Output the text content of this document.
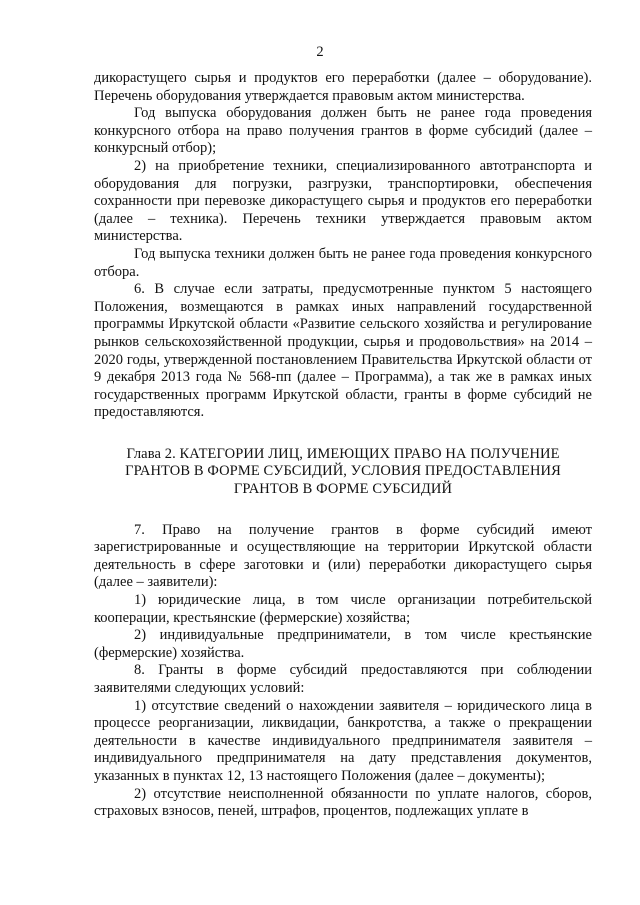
2

дикорастущего сырья и продуктов его переработки (далее – оборудование). Перечень оборудования утверждается правовым актом министерства.

Год выпуска оборудования должен быть не ранее года проведения конкурсного отбора на право получения грантов в форме субсидий (далее – конкурсный отбор);

2) на приобретение техники, специализированного автотранспорта и оборудования для погрузки, разгрузки, транспортировки, обеспечения сохранности при перевозке дикорастущего сырья и продуктов его переработки (далее – техника). Перечень техники утверждается правовым актом министерства.

Год выпуска техники должен быть не ранее года проведения конкурсного отбора.

6. В случае если затраты, предусмотренные пунктом 5 настоящего Положения, возмещаются в рамках иных направлений государственной программы Иркутской области «Развитие сельского хозяйства и регулирование рынков сельскохозяйственной продукции, сырья и продовольствия» на 2014 – 2020 годы, утвержденной постановлением Правительства Иркутской области от 9 декабря 2013 года № 568-пп (далее – Программа), а так же в рамках иных государственных программ Иркутской области, гранты в форме субсидий не предоставляются.

Глава 2. КАТЕГОРИИ ЛИЦ, ИМЕЮЩИХ ПРАВО НА ПОЛУЧЕНИЕ
ГРАНТОВ В ФОРМЕ СУБСИДИЙ, УСЛОВИЯ ПРЕДОСТАВЛЕНИЯ
ГРАНТОВ В ФОРМЕ СУБСИДИЙ

7. Право на получение грантов в форме субсидий имеют зарегистрированные и осуществляющие на территории Иркутской области деятельность в сфере заготовки и (или) переработки дикорастущего сырья (далее – заявители):

1) юридические лица, в том числе организации потребительской кооперации, крестьянские (фермерские) хозяйства;

2) индивидуальные предприниматели, в том числе крестьянские (фермерские) хозяйства.

8. Гранты в форме субсидий предоставляются при соблюдении заявителями следующих условий:

1) отсутствие сведений о нахождении заявителя – юридического лица в процессе реорганизации, ликвидации, банкротства, а также о прекращении деятельности в качестве индивидуального предпринимателя заявителя – индивидуального предпринимателя на дату представления документов, указанных в пунктах 12, 13 настоящего Положения (далее – документы);

2) отсутствие неисполненной обязанности по уплате налогов, сборов, страховых взносов, пеней, штрафов, процентов, подлежащих уплате в
